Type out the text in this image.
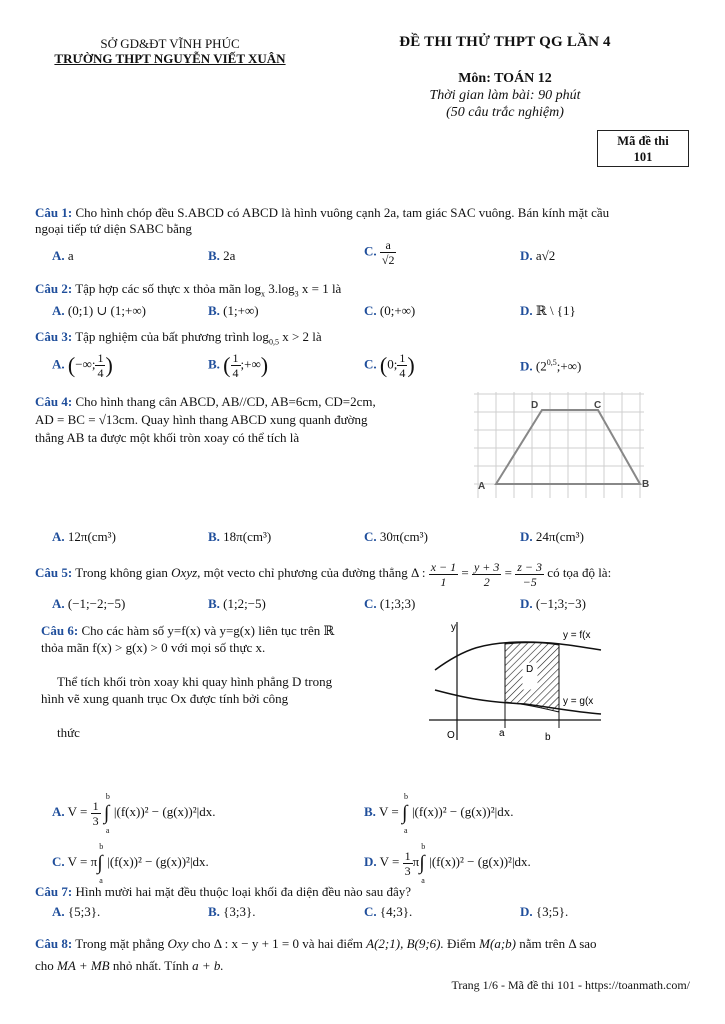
SỞ GD&ĐT VĨNH PHÚC
TRƯỜNG THPT NGUYỄN VIẾT XUÂN
ĐỀ THI THỬ THPT QG LẦN 4
Môn: TOÁN 12
Thời gian làm bài: 90 phút
(50 câu trắc nghiệm)
Mã đề thi
101
Câu 1: Cho hình chóp đều S.ABCD có ABCD là hình vuông cạnh 2a, tam giác SAC vuông. Bán kính mặt cầu
ngoại tiếp tứ diện SABC bằng
A. a	B. 2a	C. $\frac{a}{√2}$	D. a√2
Câu 2: Tập hợp các số thực x thỏa mãn $\log_x 3.\log_3$ x = 1 là
A. (0;1) ∪ (1;+∞)	B. (1;+∞)	C. (0;+∞)	D. ℝ \ {1}
Câu 3: Tập nghiệm của bất phương trình $\log_{0,5} x > 2$ là
A. (−∞; $\frac{1}{4}$ )	B. ( $\frac{1}{4}$ ;+∞)	C. (0; $\frac{1}{4}$ )	D. $(2^{0,5};+\infty)$
Câu 4: Cho hình thang cân ABCD, AB//CD, AB=6cm, CD=2cm,
AD = BC = √13cm. Quay hình thang ABCD xung quanh đường
thẳng AB ta được một khối tròn xoay có thể tích là
A	B
C
D
A. 12π(cm³)	B. 18π(cm³)	C. 30π(cm³)	D. 24π(cm³)
Câu 5: Trong không gian Oxyz, một vecto chỉ phương của đường thẳng Δ : $\frac{x - 1}{1} = \frac{y + 3}{2} = \frac{z - 3}{-5}$ có tọa độ là:
A. (−1;−2;−5)	B. (1;2;−5)	C. (1;3;3)	D. (−1;3;−3)
Câu 6: Cho các hàm số y=f(x) và y=g(x) liên tục trên ℝ
thỏa mãn f(x) > g(x) > 0 với mọi số thực x.

Thể tích khối tròn xoay khi quay hình phẳng D trong
hình vẽ xung quanh trục Ox được tính bởi công

thức
y
y = f(x
y = g(x
O	a	b
D
A. $V = \frac{1}{3}$

b
∫
a
|(f(x))² − (g(x))²|dx.	B. V =
b
∫
a
|(f(x))² − (g(x))²|dx.
C. V = π
b
∫
a
|(f(x))² − (g(x))²|dx.	D. $V = \frac{1}{3}$ π
b
∫
a
|(f(x))² − (g(x))²|dx.
Câu 7: Hình mười hai mặt đều thuộc loại khối đa diện đều nào sau đây?
A. {5;3}.	B. {3;3}.	C. {4;3}.	D. {3;5}.
Câu 8: Trong mặt phẳng Oxy cho Δ : x − y + 1 = 0 và hai điểm A(2;1), B(9;6). Điểm M(a;b) nằm trên Δ sao
cho MA + MB nhỏ nhất. Tính a + b.
Trang 1/6 - Mã đề thi 101 - https://toanmath.com/
